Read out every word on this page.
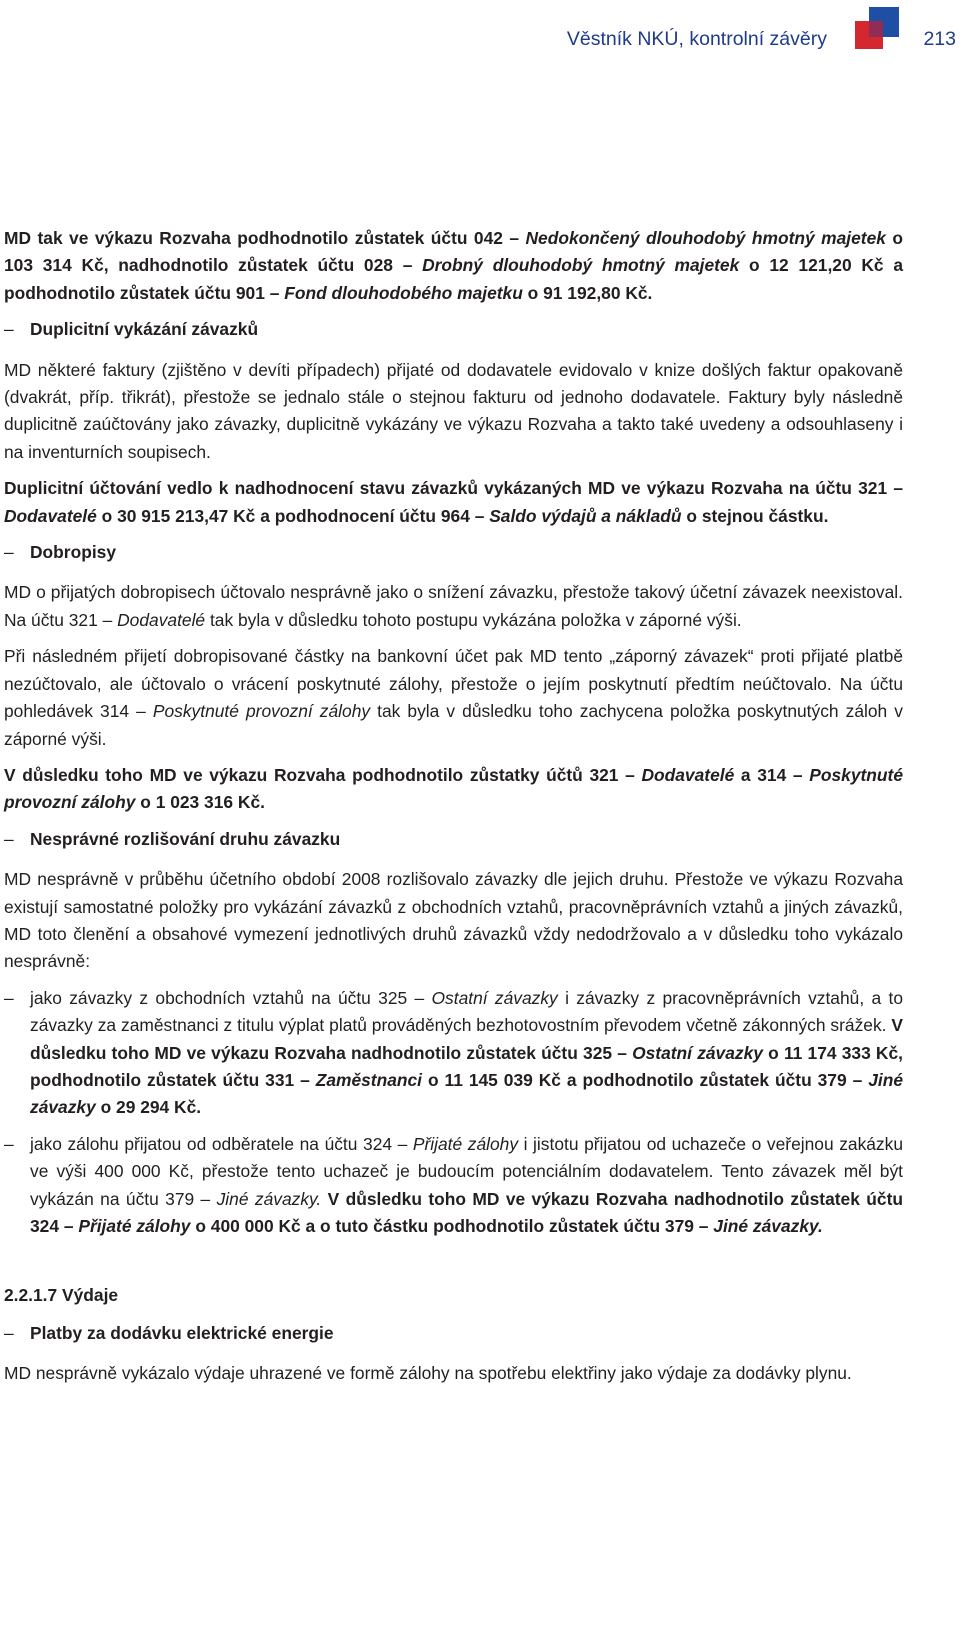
Věstník NKÚ, kontrolní závěry	213

MD tak ve výkazu Rozvaha podhodnotilo zůstatek účtu 042 – Nedokončený dlouhodobý hmotný majetek o 103 314 Kč, nadhodnotilo zůstatek účtu 028 – Drobný dlouhodobý hmotný majetek o 12 121,20 Kč a podhodnotilo zůstatek účtu 901 – Fond dlouhodobého majetku o 91 192,80 Kč.

– Duplicitní vykázání závazků

MD některé faktury (zjištěno v devíti případech) přijaté od dodavatele evidovalo v knize došlých faktur opakovaně (dvakrát, příp. třikrát), přestože se jednalo stále o stejnou fakturu od jednoho dodavatele. Faktury byly následně duplicitně zaúčtovány jako závazky, duplicitně vykázány ve výkazu Rozvaha a takto také uvedeny a odsouhlaseny i na inventurních soupisech.

Duplicitní účtování vedlo k nadhodnocení stavu závazků vykázaných MD ve výkazu Rozvaha na účtu 321 – Dodavatelé o 30 915 213,47 Kč a podhodnocení účtu 964 – Saldo výdajů a nákladů o stejnou částku.

– Dobropisy

MD o přijatých dobropisech účtovalo nesprávně jako o snížení závazku, přestože takový účetní závazek neexistoval. Na účtu 321 – Dodavatelé tak byla v důsledku tohoto postupu vykázána položka v záporné výši.

Při následném přijetí dobropisované částky na bankovní účet pak MD tento „záporný závazek“ proti přijaté platbě nezúčtovalo, ale účtovalo o vrácení poskytnuté zálohy, přestože o jejím poskytnutí předtím neúčtovalo. Na účtu pohledávek 314 – Poskytnuté provozní zálohy tak byla v důsledku toho zachycena položka poskytnutých záloh v záporné výši.

V důsledku toho MD ve výkazu Rozvaha podhodnotilo zůstatky účtů 321 – Dodavatelé a 314 – Poskytnuté provozní zálohy o 1 023 316 Kč.

– Nesprávné rozlišování druhu závazku

MD nesprávně v průběhu účetního období 2008 rozlišovalo závazky dle jejich druhu. Přestože ve výkazu Rozvaha existují samostatné položky pro vykázání závazků z obchodních vztahů, pracovněprávních vztahů a jiných závazků, MD toto členění a obsahové vymezení jednotlivých druhů závazků vždy nedodržovalo a v důsledku toho vykázalo nesprávně:

– jako závazky z obchodních vztahů na účtu 325 – Ostatní závazky i závazky z pracovněprávních vztahů, a to závazky za zaměstnanci z titulu výplat platů prováděných bezhotovostním převodem včetně zákonných srážek. V důsledku toho MD ve výkazu Rozvaha nadhodnotilo zůstatek účtu 325 – Ostatní závazky o 11 174 333 Kč, podhodnotilo zůstatek účtu 331 – Zaměstnanci o 11 145 039 Kč a podhodnotilo zůstatek účtu 379 – Jiné závazky o 29 294 Kč.
– jako zálohu přijatou od odběratele na účtu 324 – Přijaté zálohy i jistotu přijatou od uchazeče o veřejnou zakázku ve výši 400 000 Kč, přestože tento uchazeč je budoucím potenciálním dodavatelem. Tento závazek měl být vykázán na účtu 379 – Jiné závazky. V důsledku toho MD ve výkazu Rozvaha nadhodnotilo zůstatek účtu 324 – Přijaté zálohy o 400 000 Kč a o tuto částku podhodnotilo zůstatek účtu 379 – Jiné závazky.
2.2.1.7 Výdaje
– Platby za dodávku elektrické energie

MD nesprávně vykázalo výdaje uhrazené ve formě zálohy na spotřebu elektřiny jako výdaje za dodávky plynu.
